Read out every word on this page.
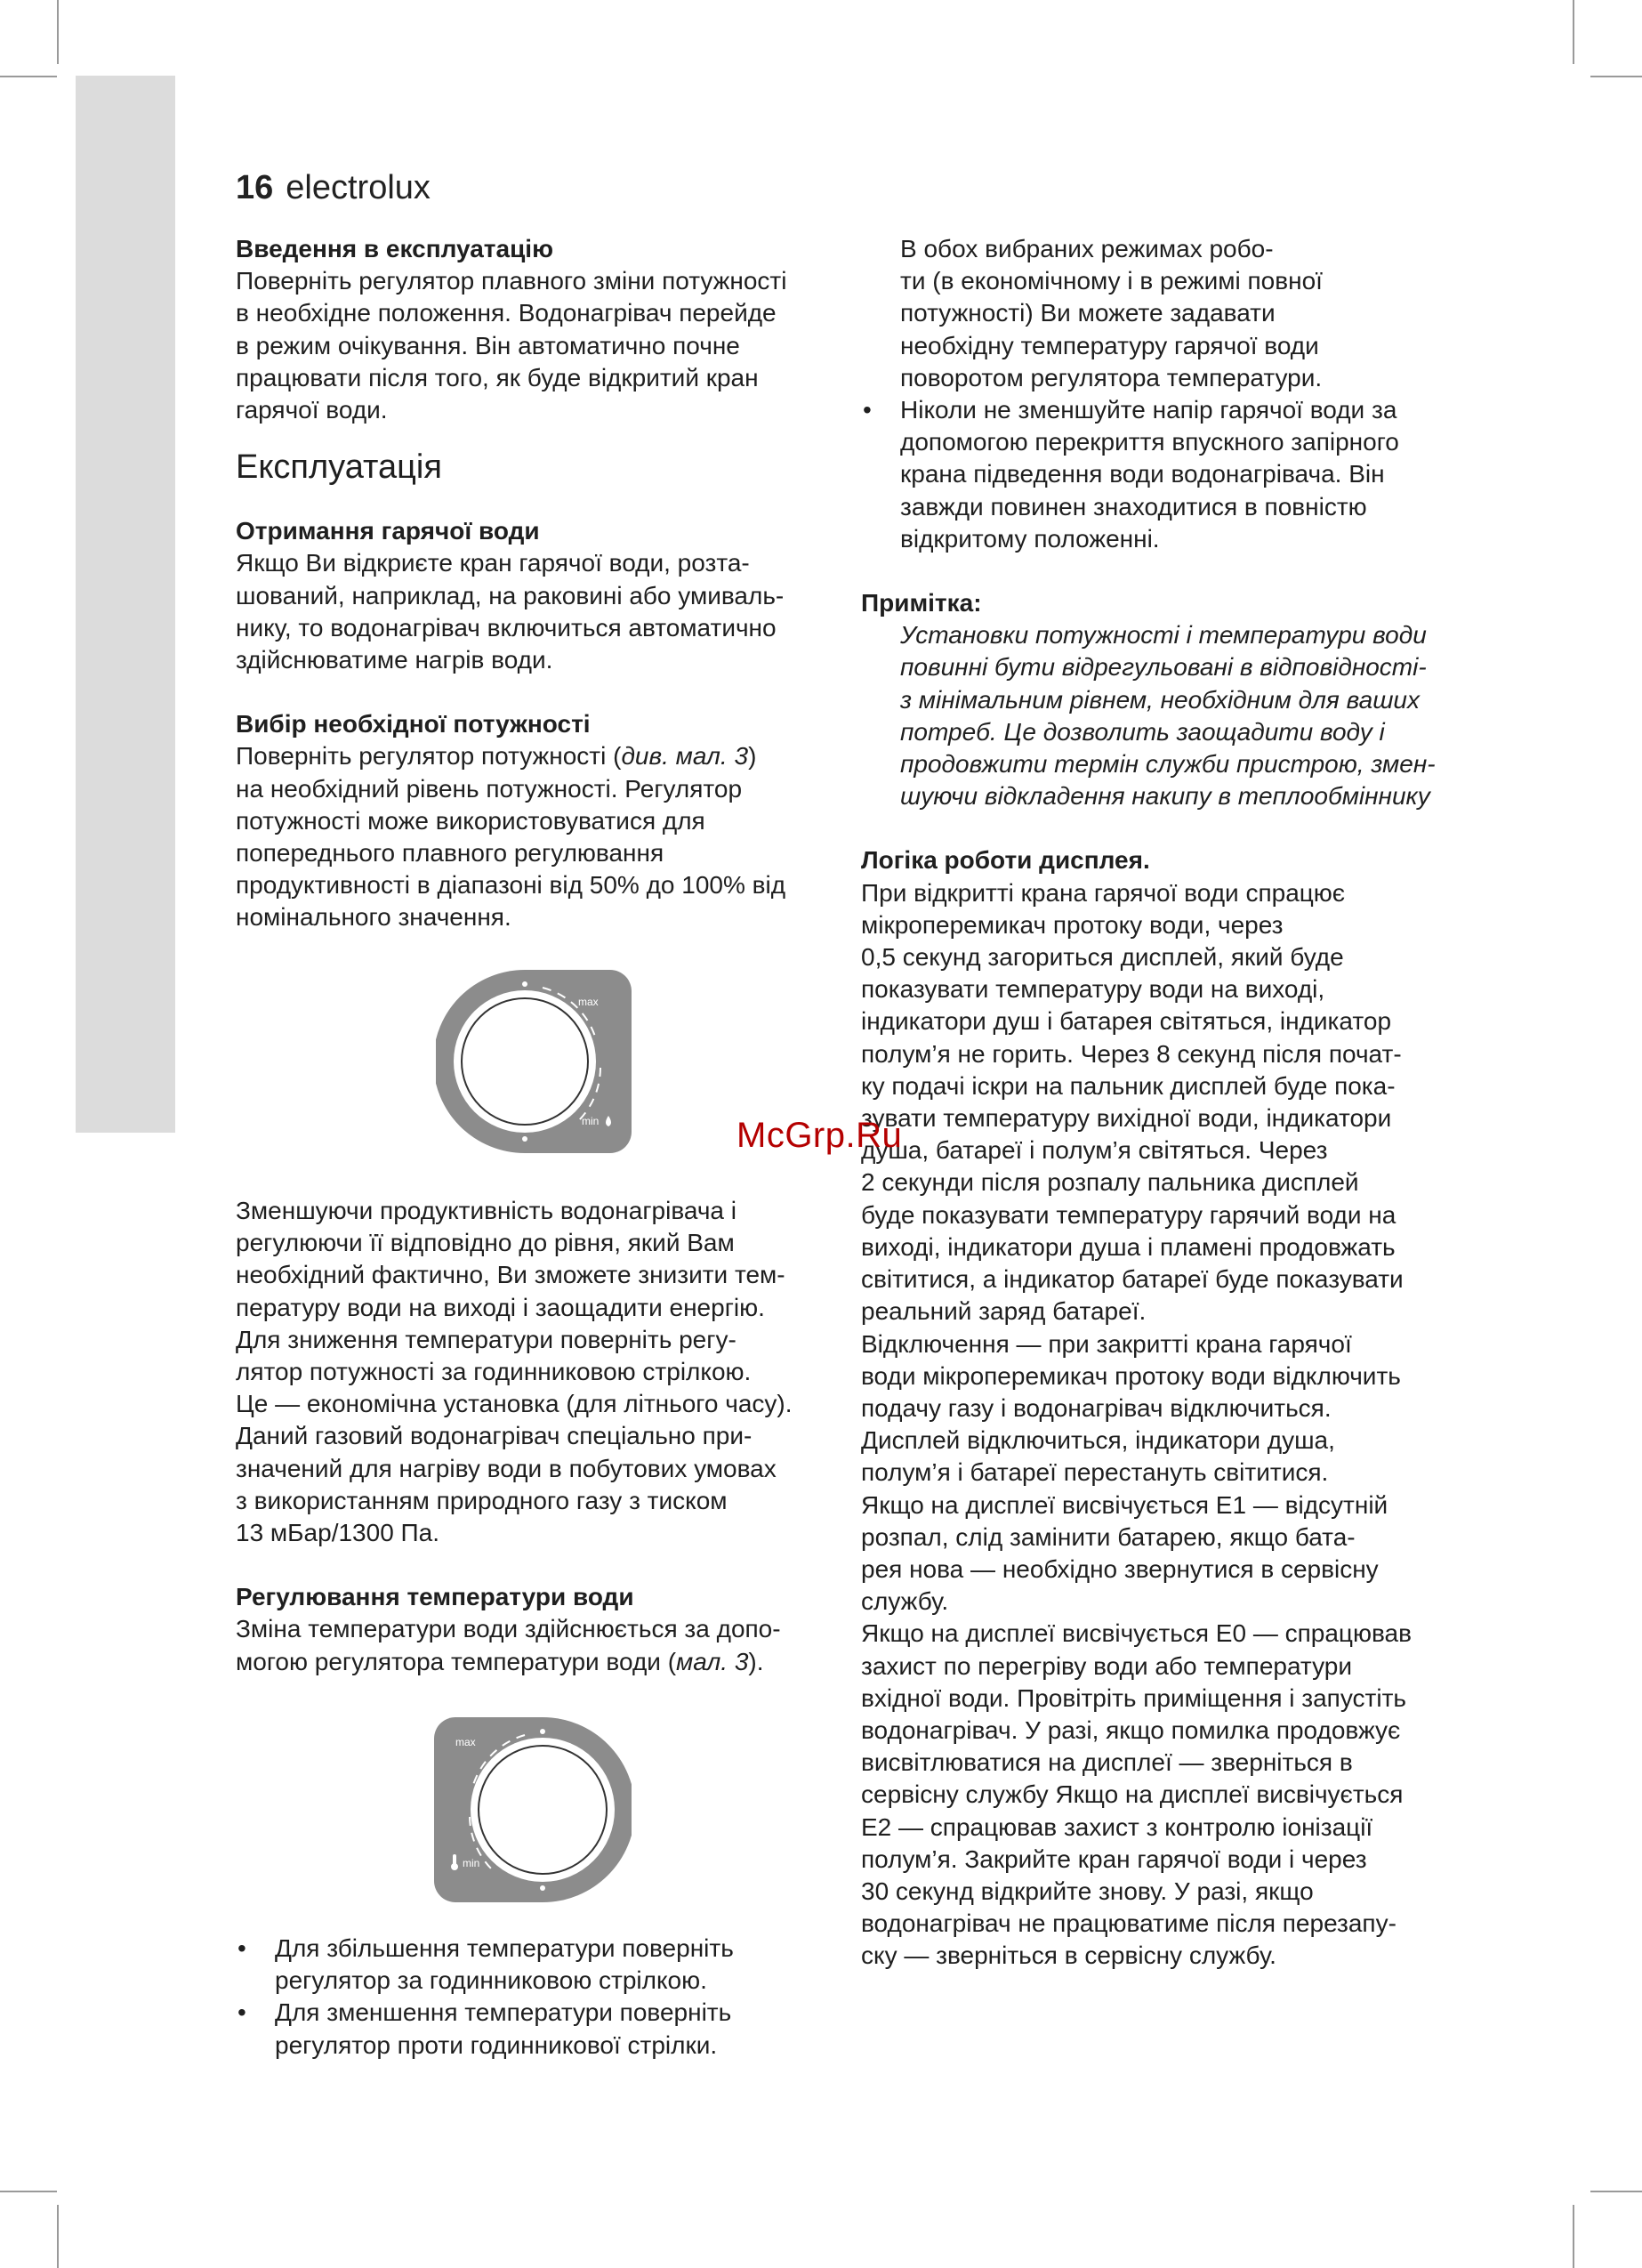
16 electrolux
Введення в експлуатацію
Поверніть регулятор плавного зміни потужності
в необхідне положення. Водонагрівач перейде
в режим очікування. Він автоматично почне
працювати після того, як буде відкритий кран
гарячої води.
Експлуатація
Отримання гарячої води
Якщо Ви відкриєте кран гарячої води, розта-
шований, наприклад, на раковині або умиваль-
нику, то водонагрівач включиться автоматично
здійснюватиме нагрів води.
Вибір необхідної потужності
Поверніть регулятор потужності (див. мал. 3)
на необхідний рівень потужності. Регулятор
потужності може використовуватися для
попереднього плавного регулювання
продуктивності в діапазоні від 50% до 100% від
номінального значення.
max
min
Зменшуючи продуктивність водонагрівача і
регулюючи її відповідно до рівня, який Вам
необхідний фактично, Ви зможете знизити тем-
пературу води на виході і заощадити енергію.
Для зниження температури поверніть регу-
лятор потужності за годинниковою стрілкою.
Це — економічна установка (для літнього часу).
Даний газовий водонагрівач спеціально при-
значений для нагріву води в побутових умовах
з використанням природного газу з тиском
13 мБар/1300 Па.
Регулювання температури води
Зміна температури води здійснюється за допо-
могою регулятора температури води (мал. 3).
max
min
• Для збільшення температури поверніть
регулятор за годинниковою стрілкою.
• Для зменшення температури поверніть
регулятор проти годинникової стрілки.
В обох вибраних режимах робо-
ти (в економічному і в режимі повної
потужності) Ви можете задавати
необхідну температуру гарячої води
поворотом регулятора температури.
• Ніколи не зменшуйте напір гарячої води за
допомогою перекриття впускного запірного
крана підведення води водонагрівача. Він
завжди повинен знаходитися в повністю
відкритому положенні.
Примітка:
Установки потужності і температури води
повинні бути відрегульовані в відповідності-
з мінімальним рівнем, необхідним для ваших
потреб. Це дозволить заощадити воду і
продовжити термін служби пристрою, змен-
шуючи відкладення накипу в теплообміннику
Логіка роботи дисплея.
При відкритті крана гарячої води спрацює
мікроперемикач протоку води, через
0,5 секунд загориться дисплей, який буде
показувати температуру води на виході,
індикатори душ і батарея світяться, індикатор
полум’я не горить. Через 8 секунд після почат-
ку подачі іскри на пальник дисплей буде пока-
зувати температуру вихідної води, індикатори
душа, батареї і полум’я світяться. Через
2 секунди після розпалу пальника дисплей
буде показувати температуру гарячий води на
виході, індикатори душа і пламені продовжать
світитися, а індикатор батареї буде показувати
реальний заряд батареї.
Відключення — при закритті крана гарячої
води мікроперемикач протоку води відключить
подачу газу і водонагрівач відключиться.
Дисплей відключиться, індикатори душа,
полум’я і батареї перестануть світитися.
Якщо на дисплеї висвічується E1 — відсутній
розпал, слід замінити батарею, якщо бата-
рея нова — необхідно звернутися в сервісну
службу.
Якщо на дисплеї висвічується E0 — спрацював
захист по перегріву води або температури
вхідної води. Провітріть приміщення і запустіть
водонагрівач. У разі, якщо помилка продовжує
висвітлюватися на дисплеї — зверніться в
сервісну службу Якщо на дисплеї висвічується
E2 — спрацював захист з контролю іонізації
полум’я. Закрийте кран гарячої води і через
30 секунд відкрийте знову. У разі, якщо
водонагрівач не працюватиме після перезапу-
ску — зверніться в сервісну службу.
McGrp.Ru
